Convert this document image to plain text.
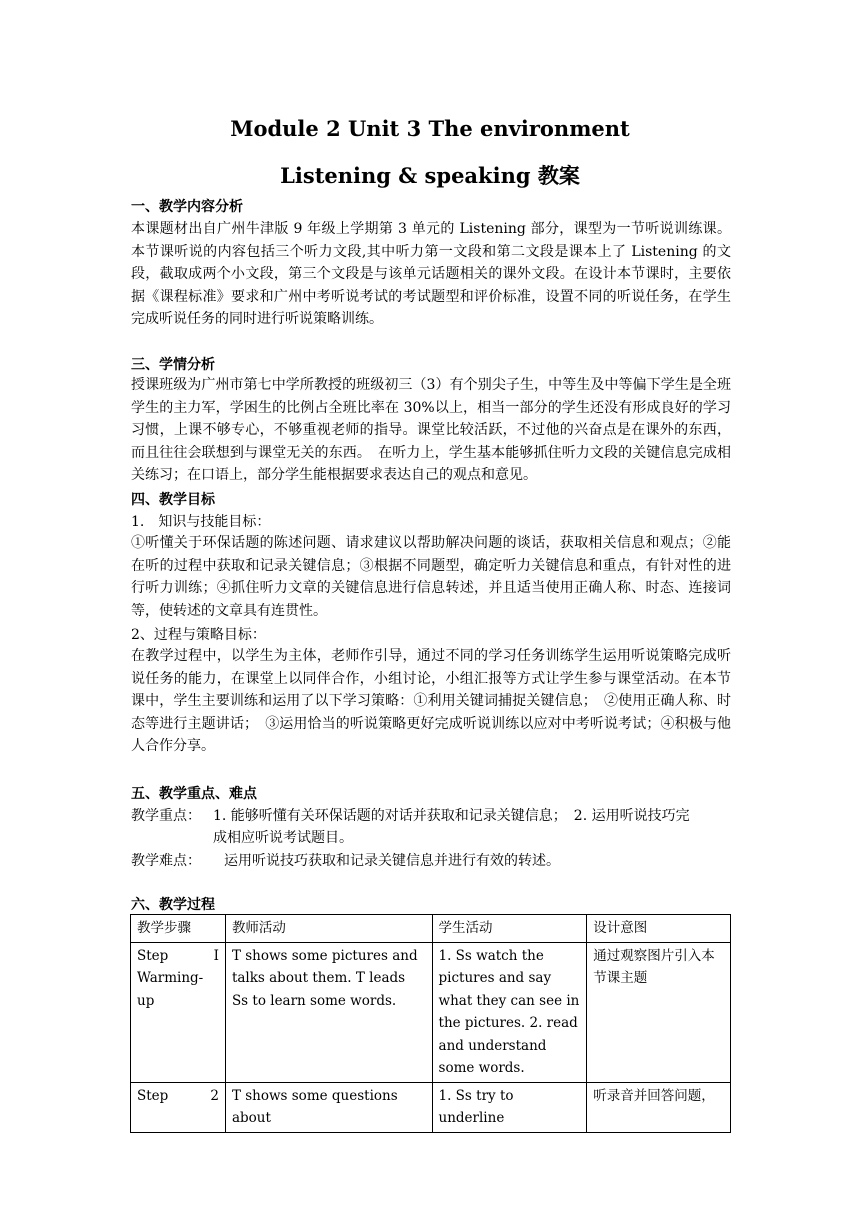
Module 2 Unit 3 The environment
Listening & speaking 教案
一、教学内容分析
本课题材出自广州牛津版 9 年级上学期第 3 单元的 Listening 部分，课型为一节听说训练课。本节课听说的内容包括三个听力文段,其中听力第一文段和第二文段是课本上了 Listening 的文段，截取成两个小文段，第三个文段是与该单元话题相关的课外文段。在设计本节课时，主要依据《课程标准》要求和广州中考听说考试的考试题型和评价标准，设置不同的听说任务，在学生完成听说任务的同时进行听说策略训练。
三、学情分析
授课班级为广州市第七中学所教授的班级初三（3）有个别尖子生，中等生及中等偏下学生是全班学生的主力军，学困生的比例占全班比率在 30%以上，相当一部分的学生还没有形成良好的学习习惯，上课不够专心，不够重视老师的指导。课堂比较活跃，不过他的兴奋点是在课外的东西，而且往往会联想到与课堂无关的东西。　在听力上，学生基本能够抓住听力文段的关键信息完成相关练习；在口语上，部分学生能根据要求表达自己的观点和意见。
四、教学目标
1.　知识与技能目标：
①听懂关于环保话题的陈述问题、请求建议以帮助解决问题的谈话，获取相关信息和观点；②能在听的过程中获取和记录关键信息；③根据不同题型，确定听力关键信息和重点，有针对性的进行听力训练；④抓住听力文章的关键信息进行信息转述，并且适当使用正确人称、时态、连接词等，使转述的文章具有连贯性。
2、过程与策略目标：
在教学过程中，以学生为主体，老师作引导，通过不同的学习任务训练学生运用听说策略完成听说任务的能力，在课堂上以同伴合作，小组讨论，小组汇报等方式让学生参与课堂活动。在本节课中，学生主要训练和运用了以下学习策略：①利用关键词捕捉关键信息；　②使用正确人称、时态等进行主题讲话；　③运用恰当的听说策略更好完成听说训练以应对中考听说考试；④积极与他人合作分享。
五、教学重点、难点
教学重点： 1. 能够听懂有关环保话题的对话并获取和记录关键信息；　2. 运用听说技巧完
成相应听说考试题目。
教学难点： 运用听说技巧获取和记录关键信息并进行有效的转述。
六、教学过程
教学步骤	教师活动	学生活动	设计意图

Step I
Warming-up	T shows some pictures and talks about them. T leads Ss to learn some words.	1. Ss watch the pictures and say what they can see in the pictures. 2. read and understand some words.	通过观察图片引入本节课主题

Step 2	T shows some questions about	1. Ss try to underline	听录音并回答问题，
